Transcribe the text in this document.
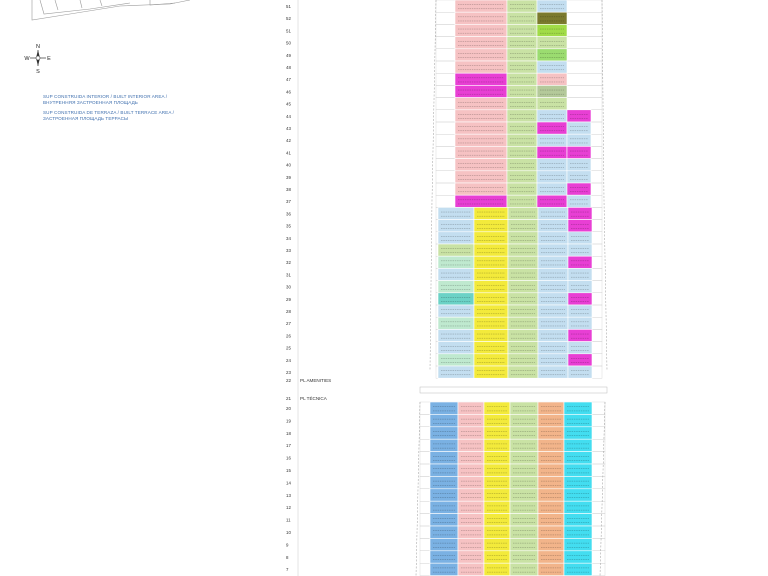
N
S
E
W
51
52
51
50
49
48
47
46
45
44
43
42
41
40
39
38
37
36
35
34
33
32
31
30
29
28
27
26
25
24
23
20
19
18
17
16
15
14
13
12
11
10
9
8
7
PL AMENITIES
PL TÉCNICA
22
21
SUP CONSTRUIDA INTERIOR / BUILT INTERIOR AREA /
ВНУТРЕННЯЯ ЗАСТРОЕННАЯ ПЛОЩАДЬ
SUP CONSTRUIDA DE TERRAZA / BUILT TERRACE AREA /
ЗАСТРОЕННАЯ ПЛОЩАДЬ ТЕРРАСЫ
